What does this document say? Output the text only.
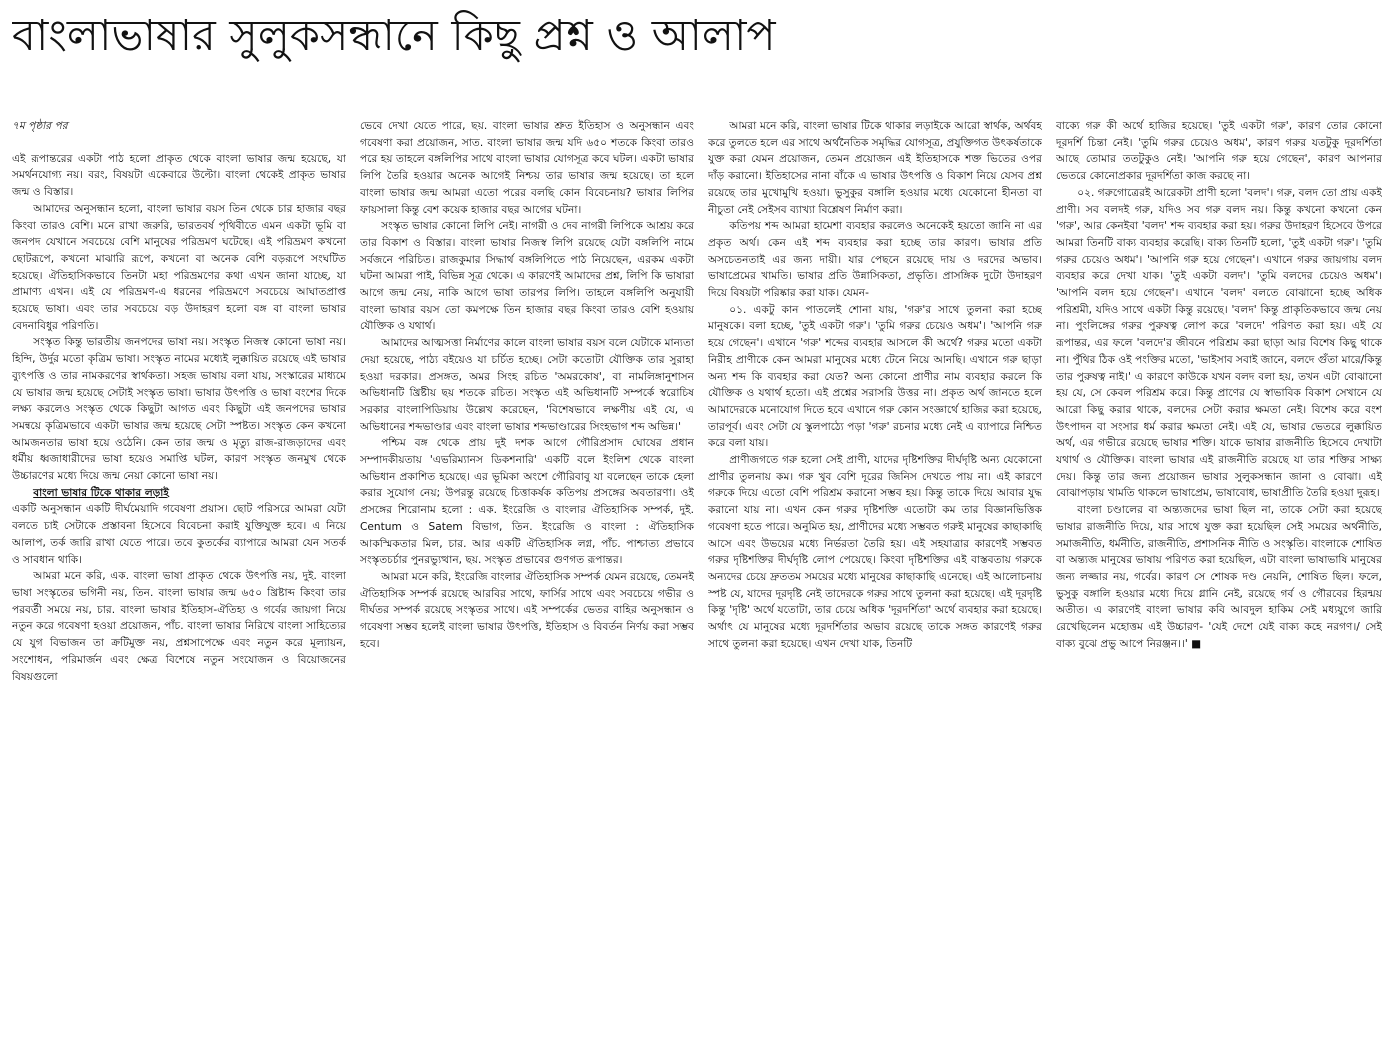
বাংলাভাষার সুলুকসন্ধানে কিছু প্রশ্ন ও আলাপ

৭ম পৃষ্ঠার পর

এই রূপান্তরের একটা পাঠ হলো প্রাকৃত থেকে বাংলা ভাষার জন্ম হয়েছে, যা সমর্থনযোগ্য নয়। বরং, বিষয়টা একেবারে উল্টো। বাংলা থেকেই প্রাকৃত ভাষার জন্ম ও বিস্তার।

আমাদের অনুসন্ধান হলো, বাংলা ভাষার বয়স তিন থেকে চার হাজার বছর কিংবা তারও বেশি। মনে রাখা জরুরি, ভারতবর্ষ পৃথিবীতে এমন একটা ভূমি বা জনপদ যেখানে সবচেয়ে বেশি মানুষের পরিভ্রমণ ঘটেছে। এই পরিভ্রমণ কখনো ছোটরূপে, কখনো মাঝারি রূপে, কখনো বা অনেক বেশি বড়রূপে সংঘটিত হয়েছে। ঐতিহাসিকভাবে তিনটা মহা পরিভ্রমণের কথা এখন জানা যাচ্ছে, যা প্রামাণ্য এখন। এই যে পরিভ্রমণ-এ ধরনের পরিভ্রমণে সবচেয়ে আঘাতপ্রাপ্ত হয়েছে ভাষা। এবং তার সবচেয়ে বড় উদাহরণ হলো বঙ্গ বা বাংলা ভাষার বেদনাবিধুর পরিণতি।

সংস্কৃত কিন্তু ভারতীয় জনপদের ভাষা নয়। সংস্কৃত নিজস্ব কোনো ভাষা নয়। হিন্দি, উর্দুর মতো কৃত্রিম ভাষা। সংস্কৃত নামের মধ্যেই লুক্কায়িত রয়েছে এই ভাষার ব্যুৎপত্তি ও তার নামকরণের স্বার্থকতা। সহজ ভাষায় বলা যায়, সংস্কারের মাধ্যমে যে ভাষার জন্ম হয়েছে সেটাই সংস্কৃত ভাষা। ভাষার উৎপত্তি ও ভাষা বংশের দিকে লক্ষ্য করলেও সংস্কৃত থেকে কিছুটা আগত এবং কিছুটা এই জনপদের ভাষার সমন্বয়ে কৃত্রিমভাবে একটা ভাষার জন্ম হয়েছে সেটা স্পষ্টত। সংস্কৃত কেন কখনো আমজনতার ভাষা হয়ে ওঠেনি। কেন তার জন্ম ও মৃত্যু রাজ-রাজড়াদের এবং ধর্মীয় ধ্বজাধারীদের ভাষা হয়েও সমাপ্তি ঘটল, কারণ সংস্কৃত জনমুখ থেকে উচ্চারণের মধ্যে দিয়ে জন্ম নেয়া কোনো ভাষা নয়।

বাংলা ভাষার টিকে থাকার লড়াই

একটি অনুসন্ধান একটি দীর্ঘমেয়াদি গবেষণা প্রয়াস। ছোট পরিসরে আমরা যেটা বলতে চাই সেটাকে প্রস্তাবনা হিসেবে বিবেচনা করাই যুক্তিযুক্ত হবে। এ নিয়ে আলাপ, তর্ক জারি রাখা যেতে পারে। তবে কুতর্কের ব্যাপারে আমরা যেন সতর্ক ও সাবধান থাকি।

আমরা মনে করি, এক. বাংলা ভাষা প্রাকৃত থেকে উৎপত্তি নয়, দুই. বাংলা ভাষা সংস্কৃতের ভগিনী নয়, তিন. বাংলা ভাষার জন্ম ৬৫০ খ্রিষ্টাব্দ কিংবা তার পরবর্তী সময়ে নয়, চার. বাংলা ভাষার ইতিহাস-ঐতিহ্য ও গর্বের জায়গা নিয়ে নতুন করে গবেষণা হওয়া প্রয়োজন, পাঁচ. বাংলা ভাষার নিরিখে বাংলা সাহিত্যের যে যুগ বিভাজন তা ক্রটিমুক্ত নয়, প্রশ্নসাপেক্ষে এবং নতুন করে মূল্যায়ন, সংশোধন, পরিমার্জন এবং ক্ষেত্র বিশেষে নতুন সংযোজন ও বিয়োজনের বিষয়গুলো

ভেবে দেখা যেতে পারে, ছয়. বাংলা ভাষার শ্রুত ইতিহাস ও অনুসন্ধান এবং গবেষণা করা প্রয়োজন, সাত. বাংলা ভাষার জন্ম যদি ৬৫০ শতকে কিংবা তারও পরে হয় তাহলে বঙ্গলিপির সাথে বাংলা ভাষার যোগসূত্র কবে ঘটল। একটা ভাষার লিপি তৈরি হওয়ার অনেক আগেই নিশ্চয় তার ভাষার জন্ম হয়েছে। তা হলে বাংলা ভাষার জন্ম আমরা এতো পরের বলছি কোন বিবেচনায়? ভাষার লিপির ফায়সালা কিন্তু বেশ কয়েক হাজার বছর আগের ঘটনা।

সংস্কৃত ভাষার কোনো লিপি নেই। নাগরী ও দেব নাগরী লিপিকে আশ্রয় করে তার বিকাশ ও বিস্তার। বাংলা ভাষার নিজস্ব লিপি রয়েছে যেটা বঙ্গলিপি নামে সর্বজনে পরিচিত। রাজকুমার সিদ্ধার্থ বঙ্গলিপিতে পাঠ নিয়েছেন, এরকম একটা ঘটনা আমরা পাই, বিভিন্ন সূত্র থেকে। এ কারণেই আমাদের প্রশ্ন, লিপি কি ভাষারা আগে জন্ম নেয়, নাকি আগে ভাষা তারপর লিপি। তাহলে বঙ্গলিপি অনুযায়ী বাংলা ভাষার বয়স তো কমপক্ষে তিন হাজার বছর কিংবা তারও বেশি হওয়ায় যৌক্তিক ও যথার্থ।

আমাদের আত্মসত্তা নির্মাণের কালে বাংলা ভাষার বয়স বলে যেটাকে মান্যতা দেয়া হয়েছে, পাঠ্য বইয়েও যা চর্চিত হচ্ছে। সেটা কতোটা যৌক্তিক তার সুরাহা হওয়া দরকার। প্রসঙ্গত, অমর সিংহ রচিত 'অমরকোষ', বা নামলিঙ্গানুশাসন অভিধানটি খ্রিষ্টীয় ছয় শতকে রচিত। সংস্কৃত এই অভিধানটি সম্পর্কে স্বরোচিষ সরকার বাংলাপিডিয়ায় উল্লেখ করেছেন, 'বিশেষভাবে লক্ষণীয় এই যে, এ অভিধানের শব্দভাণ্ডার এবং বাংলা ভাষার শব্দভাণ্ডারের সিংহভাগ শব্দ অভিন্ন।'

পশ্চিম বঙ্গ থেকে প্রায় দুই দশক আগে গৌরিপ্রসাদ ঘোষের প্রধান সম্পাদকীয়তায় 'এভরিম্যানস ডিকশনারি' একটি বলে ইংলিশ থেকে বাংলা অভিধান প্রকাশিত হয়েছে। এর ভূমিকা অংশে গৌরিবাবু যা বলেছেন তাকে হেলা করার সুযোগ নেয়; উপরন্তু রয়েছে চিত্তাকর্ষক কতিপয় প্রসঙ্গের অবতারণা। ওই প্রসঙ্গের শিরোনাম হলো : এক. ইংরেজি ও বাংলার ঐতিহাসিক সম্পর্ক, দুই. Centum ও Satem বিভাগ, তিন. ইংরেজি ও বাংলা : ঐতিহাসিক আকস্মিকতার মিল, চার. আর একটি ঐতিহাসিক লগ্ন, পাঁচ. পাশ্চাত্য প্রভাবে সংস্কৃতচর্চার পুনরভ্যুত্থান, ছয়. সংস্কৃত প্রভাবের গুণগত রূপান্তর।

আমরা মনে করি, ইংরেজি বাংলার ঐতিহাসিক সম্পর্ক যেমন রয়েছে, তেমনই ঐতিহাসিক সম্পর্ক রয়েছে আরবির সাথে, ফার্সির সাথে এবং সবচেয়ে গভীর ও দীর্ঘতর সম্পর্ক রয়েছে সংস্কৃতর সাথে। এই সম্পর্কের ভেতর বাহির অনুসন্ধান ও গবেষণা সম্ভব হলেই বাংলা ভাষার উৎপত্তি, ইতিহাস ও বিবর্তন নির্ণয় করা সম্ভব হবে।

আমরা মনে করি, বাংলা ভাষার টিকে থাকার লড়াইকে আরো স্বার্থক, অর্থবহ করে তুলতে হলে এর সাথে অর্থনৈতিক সমৃদ্ধির যোগসূত্র, প্রযুক্তিগত উৎকর্ষতাকে যুক্ত করা যেমন প্রয়োজন, তেমন প্রয়োজন এই ইতিহাসকে শক্ত ভিতের ওপর দাঁড় করানো। ইতিহাসের নানা বাঁকে এ ভাষার উৎপত্তি ও বিকাশ নিয়ে যেসব প্রশ্ন রয়েছে তার মুখোমুখি হওয়া। ভুসুকুর বঙ্গালি হওয়ার মধ্যে যেকোনো হীনতা বা নীচুতা নেই সেইসব ব্যাখ্যা বিশ্লেষণ নির্মাণ করা।

কতিপয় শব্দ আমরা হামেশা ব্যবহার করলেও অনেকেই হয়তো জানি না এর প্রকৃত অর্থ। কেন এই শব্দ ব্যবহার করা হচ্ছে তার কারণ। ভাষার প্রতি অসচেতনতাই এর জন্য দায়ী। যার পেছনে রয়েছে দায় ও দরদের অভাব। ভাষাপ্রেমের খামতি। ভাষার প্রতি উন্নাসিকতা, প্রভৃতি। প্রাসঙ্গিক দুটো উদাহরণ দিয়ে বিষয়টা পরিষ্কার করা যাক। যেমন-

০১. একটু কান পাতলেই শোনা যায়, 'গরু'র সাথে তুলনা করা হচ্ছে মানুষকে। বলা হচ্ছে, 'তুই একটা গরু'। 'তুমি গরুর চেয়েও অধম'। 'আপনি গরু হয়ে গেছেন'। এখানে 'গরু' শব্দের ব্যবহার আসলে কী অর্থে? গরুর মতো একটা নিরীহ প্রাণীকে কেন আমরা মানুষের মধ্যে টেনে নিয়ে আনছি। এখানে গরু ছাড়া অন্য শব্দ কি ব্যবহার করা যেত? অন্য কোনো প্রাণীর নাম ব্যবহার করলে কি যৌক্তিক ও যথার্থ হতো। এই প্রশ্নের সরাসরি উত্তর না। প্রকৃত অর্থ জানতে হলে আমাদেরকে মনোযোগ দিতে হবে এখানে গরু কোন সংজ্ঞার্থে হাজির করা হয়েছে, তারপূর্ব। এবং সেটা যে স্কুলপাঠ্যে পড়া 'গরু' রচনার মধ্যে নেই এ ব্যাপারে নিশ্চিত করে বলা যায়।

প্রাণীজগতে গরু হলো সেই প্রাণী, যাদের দৃষ্টিশক্তির দীর্ঘদৃষ্টি অন্য যেকোনো প্রাণীর তুলনায় কম। গরু খুব বেশি দূরের জিনিস দেখতে পায় না। এই কারণে গরুকে দিয়ে এতো বেশি পরিশ্রম করানো সম্ভব হয়। কিন্তু তাকে দিয়ে আবার যুদ্ধ করানো যায় না। এখন কেন গরুর দৃষ্টিশক্তি এতোটা কম তার বিজ্ঞানভিত্তিক গবেষণা হতে পারে। অনুমিত হয়, প্রাণীদের মধ্যে সম্ভবত গরুই মানুষের কাছাকাছি আসে এবং উভয়ের মধ্যে নির্ভরতা তৈরি হয়। এই সহযাত্রার কারণেই সম্ভবত গরুর দৃষ্টিশক্তির দীর্ঘদৃষ্টি লোপ পেয়েছে। কিংবা দৃষ্টিশক্তির এই বাস্তবতায় গরুকে অন্যদের চেয়ে দ্রুততম সময়ের মধ্যে মানুষের কাছাকাছি এনেছে। এই আলোচনায় স্পষ্ট যে, যাদের দূরদৃষ্টি নেই তাদেরকে গরুর সাথে তুলনা করা হয়েছে। এই দূরদৃষ্টি কিন্তু 'দৃষ্টি' অর্থে যতোটা, তার চেয়ে অধিক 'দূরদর্শিতা' অর্থে ব্যবহার করা হয়েছে। অর্থাৎ যে মানুষের মধ্যে দূরদর্শিতার অভাব রয়েছে তাকে সঙ্গত কারণেই গরুর সাথে তুলনা করা হয়েছে। এখন দেখা যাক, তিনটি

বাক্যে গরু কী অর্থে হাজির হয়েছে। 'তুই একটা গরু', কারণ তোর কোনো দূরদর্শি চিন্তা নেই। 'তুমি গরুর চেয়েও অধম', কারণ গরুর যতটুকু দূরদর্শিতা আছে তোমার ততটুকুও নেই। 'আপনি গরু হয়ে গেছেন', কারণ আপনার ভেতরে কোনোপ্রকার দূরদর্শিতা কাজ করছে না।

০২. গরুগোত্রেরই আরেকটা প্রাণী হলো 'বলদ'। গরু, বলদ তো প্রায় একই প্রাণী। সব বলদই গরু, যদিও সব গরু বলদ নয়। কিন্তু কখনো কখনো কেন 'গরু', আর কেনইবা 'বলদ' শব্দ ব্যবহার করা হয়। গরুর উদাহরণ হিসেবে উপরে আমরা তিনটি বাক্য ব্যবহার করেছি। বাক্য তিনটি হলো, 'তুই একটা গরু'। 'তুমি গরুর চেয়েও অধম'। 'আপনি গরু হয়ে গেছেন'। এখানে গরুর জায়গায় বলদ ব্যবহার করে দেখা যাক। 'তুই একটা বলদ'। 'তুমি বলদের চেয়েও অধম'। 'আপনি বলদ হয়ে গেছেন'। এখানে 'বলদ' বলতে বোঝানো হচ্ছে অধিক পরিশ্রমী, যদিও সাথে একটা কিন্তু রয়েছে। 'বলদ' কিন্তু প্রাকৃতিকভাবে জন্ম নেয় না। পুংলিঙ্গের গরুর পুরুষত্ব লোপ করে 'বলদে' পরিণত করা হয়। এই যে রূপান্তর, এর ফলে 'বলদে'র জীবনে পরিশ্রম করা ছাড়া আর বিশেষ কিছু থাকে না। পুঁথির ঠিক ওই পংক্তির মতো, 'ভাইসাব সবাই জানে, বলদে গুঁতা মারে/কিন্তু তার পুরুষত্ব নাই।' এ কারণে কাউকে যখন বলদ বলা হয়, তখন এটা বোঝানো হয় যে, সে কেবল পরিশ্রম করে। কিন্তু প্রাণের যে স্বাভাবিক বিকাশ সেখানে যে আরো কিছু করার থাকে, বলদের সেটা করার ক্ষমতা নেই। বিশেষ করে বংশ উৎপাদন বা সংসার ধর্ম করার ক্ষমতা নেই। এই যে, ভাষার ভেতরে লুক্কায়িত অর্থ, এর গভীরে রয়েছে ভাষার শক্তি। যাকে ভাষার রাজনীতি হিসেবে দেখাটা যথার্থ ও যৌক্তিক। বাংলা ভাষার এই রাজনীতি রয়েছে যা তার শক্তির সাক্ষ্য দেয়। কিন্তু তার জন্য প্রয়োজন ভাষার সুলুকসন্ধান জানা ও বোঝা। এই বোঝাপড়ায় খামতি থাকলে ভাষাপ্রেম, ভাষাবোধ, ভাষাপ্রীতি তৈরি হওয়া দুরূহ।

বাংলা চণ্ডালের বা অন্ত্যজদের ভাষা ছিল না, তাকে সেটা করা হয়েছে ভাষার রাজনীতি দিয়ে, যার সাথে যুক্ত করা হয়েছিল সেই সময়ের অর্থনীতি, সমাজনীতি, ধর্মনীতি, রাজনীতি, প্রশাসনিক নীতি ও সংস্কৃতি। বাংলাকে শোষিত বা অন্ত্যজ মানুষের ভাষায় পরিণত করা হয়েছিল, এটা বাংলা ভাষাভাষি মানুষের জন্য লজ্জার নয়, গর্বের। কারণ সে শোষক দণ্ড নেয়নি, শোষিত ছিল। ফলে, ভুসুকু বঙ্গালি হওয়ার মধ্যে দিয়ে গ্লানি নেই, রয়েছে গর্ব ও গৌরবের হিরন্ময় অতীত। এ কারণেই বাংলা ভাষার কবি আবদুল হাকিম সেই মধ্যযুগে জারি রেখেছিলেন মহোত্তম এই উচ্চারণ- 'যেই দেশে যেই বাক্য কহে নরগণ।/ সেই বাক্য বুঝে প্রভু আপে নিরঞ্জন।।' ■
